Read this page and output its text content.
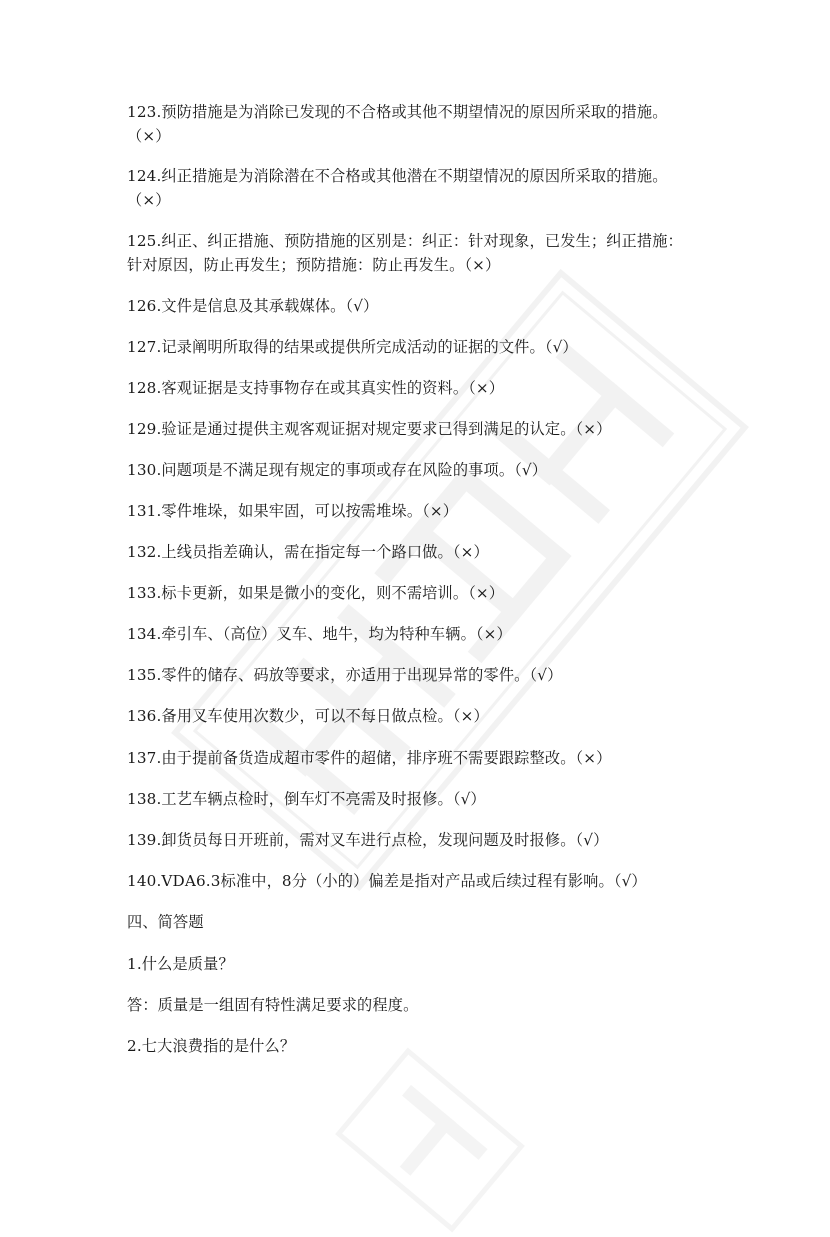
123.预防措施是为消除已发现的不合格或其他不期望情况的原因所采取的措施。
（×）
124.纠正措施是为消除潜在不合格或其他潜在不期望情况的原因所采取的措施。
（×）
125.纠正、纠正措施、预防措施的区别是：纠正：针对现象，已发生；纠正措施：
针对原因，防止再发生；预防措施：防止再发生。（×）
126.文件是信息及其承载媒体。（√）
127.记录阐明所取得的结果或提供所完成活动的证据的文件。（√）
128.客观证据是支持事物存在或其真实性的资料。（×）
129.验证是通过提供主观客观证据对规定要求已得到满足的认定。（×）
130.问题项是不满足现有规定的事项或存在风险的事项。（√）
131.零件堆垛，如果牢固，可以按需堆垛。（×）
132.上线员指差确认，需在指定每一个路口做。（×）
133.标卡更新，如果是微小的变化，则不需培训。（×）
134.牵引车、（高位）叉车、地牛，均为特种车辆。（×）
135.零件的储存、码放等要求，亦适用于出现异常的零件。（√）
136.备用叉车使用次数少，可以不每日做点检。（×）
137.由于提前备货造成超市零件的超储，排序班不需要跟踪整改。（×）
138.工艺车辆点检时，倒车灯不亮需及时报修。（√）
139.卸货员每日开班前，需对叉车进行点检，发现问题及时报修。（√）
140.VDA6.3标准中，8分（小的）偏差是指对产品或后续过程有影响。（√）
四、简答题
1.什么是质量？
答：质量是一组固有特性满足要求的程度。
2.七大浪费指的是什么？
